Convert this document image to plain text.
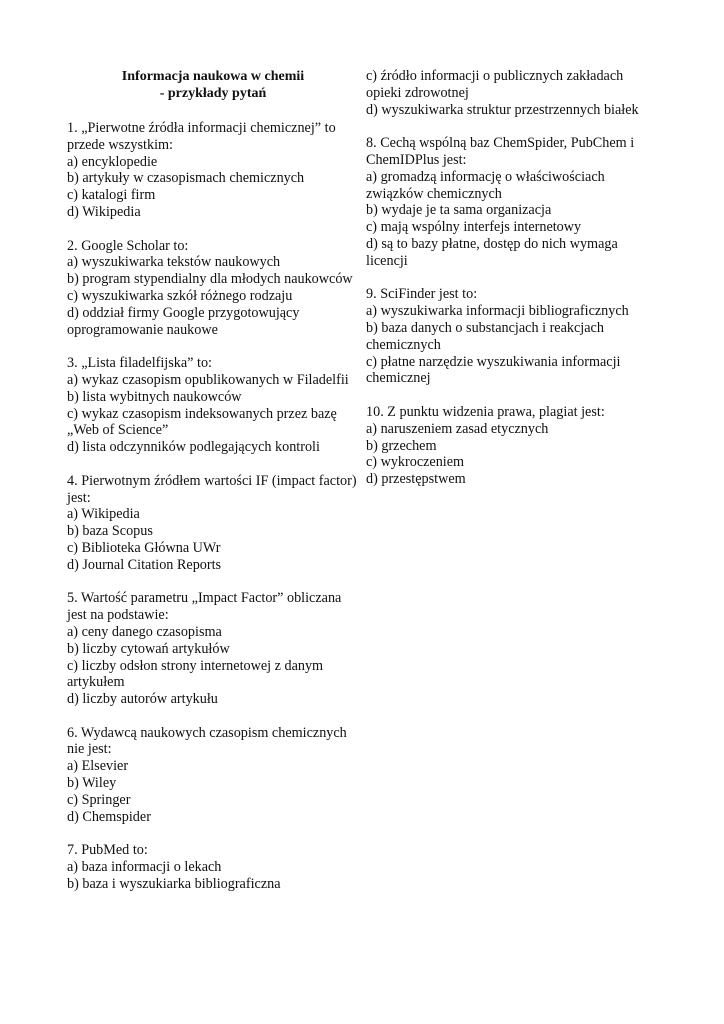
Informacja naukowa w chemii
- przykłady pytań
1. „Pierwotne źródła informacji chemicznej” to przede wszystkim:
a) encyklopedie
b) artykuły w czasopismach chemicznych
c) katalogi firm
d) Wikipedia
2. Google Scholar to:
a) wyszukiwarka tekstów naukowych
b) program stypendialny dla młodych naukowców
c) wyszukiwarka szkół różnego rodzaju
d) oddział firmy Google przygotowujący oprogramowanie naukowe
3. „Lista filadelfijska” to:
a) wykaz czasopism opublikowanych w Filadelfii
b) lista wybitnych naukowców
c) wykaz czasopism indeksowanych przez bazę „Web of Science”
d) lista odczynników podlegających kontroli
4. Pierwotnym źródłem wartości IF (impact factor) jest:
a) Wikipedia
b) baza Scopus
c) Biblioteka Główna UWr
d) Journal Citation Reports
5. Wartość parametru „Impact Factor” obliczana jest na podstawie:
a) ceny danego czasopisma
b) liczby cytowań artykułów
c) liczby odsłon strony internetowej z danym artykułem
d) liczby autorów artykułu
6. Wydawcą naukowych czasopism chemicznych nie jest:
a) Elsevier
b) Wiley
c) Springer
d) Chemspider
7. PubMed to:
a) baza informacji o lekach
b) baza i wyszukiarka bibliograficzna
c) źródło informacji o publicznych zakładach opieki zdrowotnej
d) wyszukiwarka struktur przestrzennych białek
8. Cechą wspólną baz ChemSpider, PubChem i ChemIDPlus jest:
a) gromadzą informację o właściwościach związków chemicznych
b) wydaje je ta sama organizacja
c) mają wspólny interfejs internetowy
d) są to bazy płatne, dostęp do nich wymaga licencji
9. SciFinder jest to:
a) wyszukiwarka informacji bibliograficznych
b) baza danych o substancjach i reakcjach chemicznych
c) płatne narzędzie wyszukiwania informacji chemicznej
10. Z punktu widzenia prawa, plagiat jest:
a) naruszeniem zasad etycznych
b) grzechem
c) wykroczeniem
d) przestępstwem
